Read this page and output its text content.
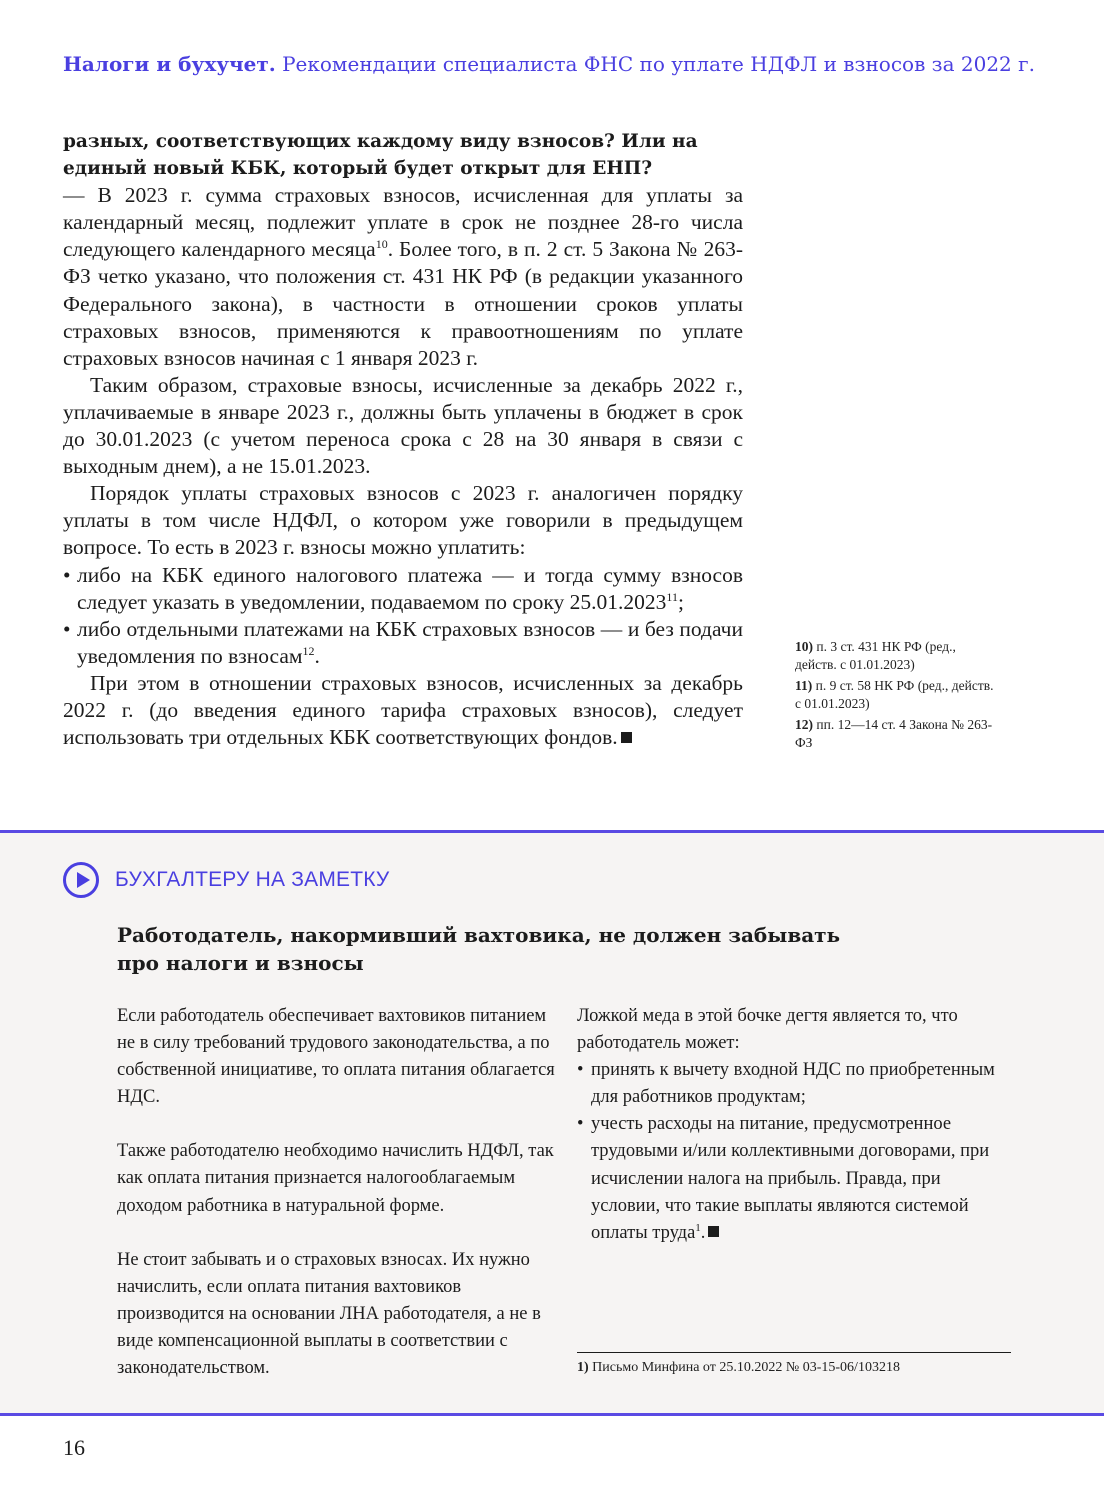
Налоги и бухучет. Рекомендации специалиста ФНС по уплате НДФЛ и взносов за 2022 г.

разных, соответствующих каждому виду взносов? Или на единый новый КБК, который будет открыт для ЕНП?

— В 2023 г. сумма страховых взносов, исчисленная для уплаты за календарный месяц, подлежит уплате в срок не позднее 28-го числа следующего календарного месяца$^{10}$. Более того, в п. 2 ст. 5 Закона № 263-ФЗ четко указано, что положения ст. 431 НК РФ (в редакции указанного Федерального закона), в частности в отношении сроков уплаты страховых взносов, применяются к правоотношениям по уплате страховых взносов начиная с 1 января 2023 г.

Таким образом, страховые взносы, исчисленные за декабрь 2022 г., уплачиваемые в январе 2023 г., должны быть уплачены в бюджет в срок до 30.01.2023 (с учетом переноса срока с 28 на 30 января в связи с выходным днем), а не 15.01.2023.

Порядок уплаты страховых взносов с 2023 г. аналогичен порядку уплаты в том числе НДФЛ, о котором уже говорили в предыдущем вопросе. То есть в 2023 г. взносы можно уплатить:

• либо на КБК единого налогового платежа — и тогда сумму взносов следует указать в уведомлении, подаваемом по сроку 25.01.2023$^{11}$;

• либо отдельными платежами на КБК страховых взносов — и без подачи уведомления по взносам$^{12}$.

При этом в отношении страховых взносов, исчисленных за декабрь 2022 г. (до введения единого тарифа страховых взносов), следует использовать три отдельных КБК соответствующих фондов.

10) п. 3 ст. 431 НК РФ (ред., действ. с 01.01.2023)
11) п. 9 ст. 58 НК РФ (ред., действ. с 01.01.2023)
12) пп. 12—14 ст. 4 Закона № 263-ФЗ
БУХГАЛТЕРУ НА ЗАМЕТКУ
Работодатель, накормивший вахтовика, не должен забывать про налоги и взносы

Если работодатель обеспечивает вахтовиков питанием не в силу требований трудового законодательства, а по собственной инициативе, то оплата питания облагается НДС.

Также работодателю необходимо начислить НДФЛ, так как оплата питания признается налогооблагаемым доходом работника в натуральной форме.

Не стоит забывать и о страховых взносах. Их нужно начислить, если оплата питания вахтовиков производится на основании ЛНА работодателя, а не в виде компенсационной выплаты в соответствии с законодательством.

Ложкой меда в этой бочке дегтя является то, что работодатель может:

• принять к вычету входной НДС по приобретенным для работников продуктам;

• учесть расходы на питание, предусмотренное трудовыми и/или коллективными договорами, при исчислении налога на прибыль. Правда, при условии, что такие выплаты являются системой оплаты труда$^1$.

1) Письмо Минфина от 25.10.2022 № 03-15-06/103218
16
